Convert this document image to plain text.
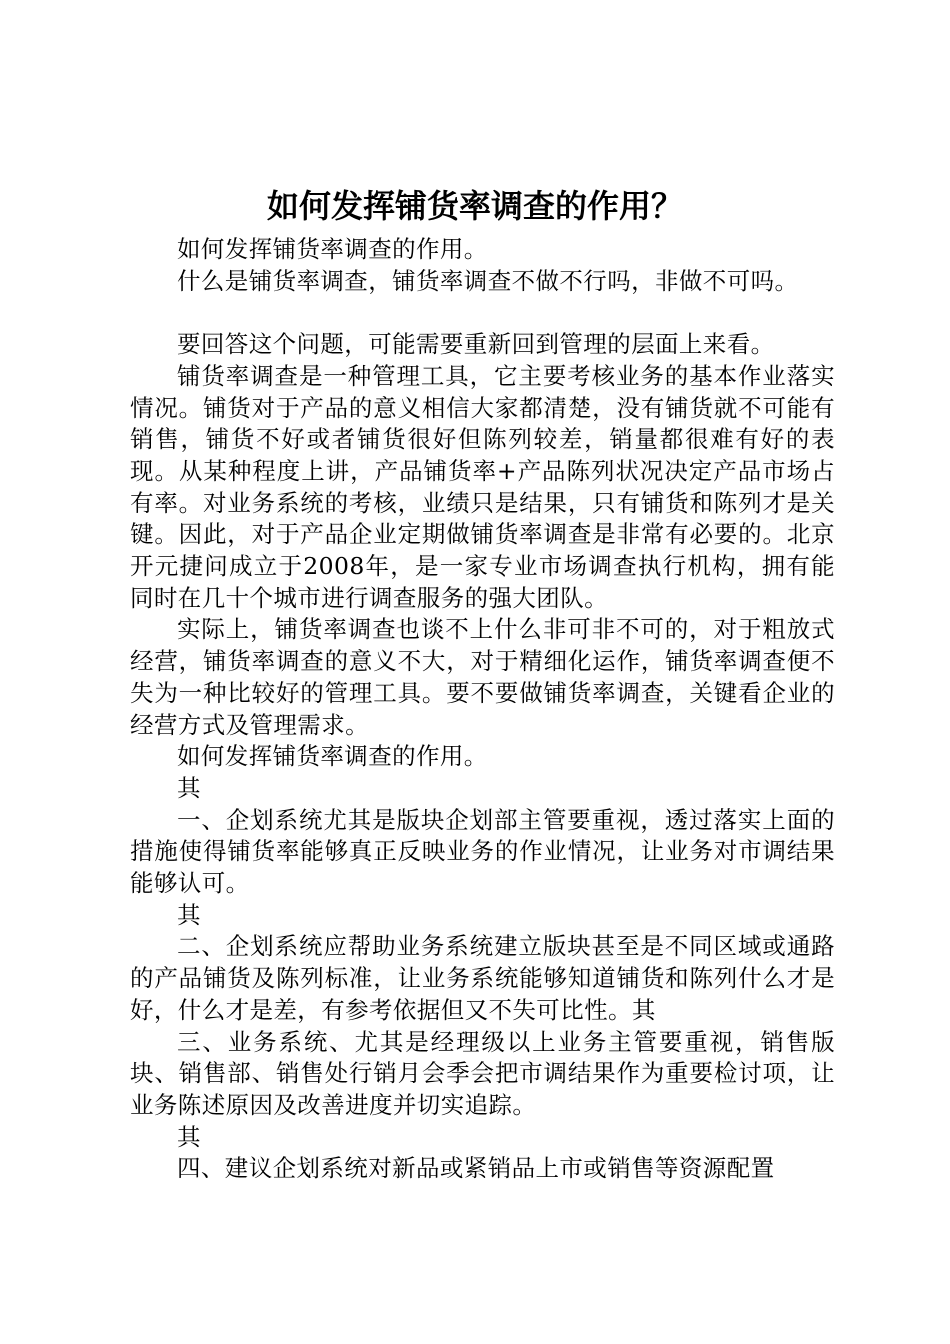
如何发挥铺货率调查的作用？

如何发挥铺货率调查的作用。

什么是铺货率调查，铺货率调查不做不行吗，非做不可吗。

要回答这个问题，可能需要重新回到管理的层面上来看。

铺货率调查是一种管理工具，它主要考核业务的基本作业落实情况。铺货对于产品的意义相信大家都清楚，没有铺货就不可能有销售，铺货不好或者铺货很好但陈列较差，销量都很难有好的表现。从某种程度上讲，产品铺货率+产品陈列状况决定产品市场占有率。对业务系统的考核，业绩只是结果，只有铺货和陈列才是关键。因此，对于产品企业定期做铺货率调查是非常有必要的。北京开元捷问成立于2008年，是一家专业市场调查执行机构，拥有能同时在几十个城市进行调查服务的强大团队。

实际上，铺货率调查也谈不上什么非可非不可的，对于粗放式经营，铺货率调查的意义不大，对于精细化运作，铺货率调查便不失为一种比较好的管理工具。要不要做铺货率调查，关键看企业的经营方式及管理需求。

如何发挥铺货率调查的作用。

其

一、企划系统尤其是版块企划部主管要重视，透过落实上面的措施使得铺货率能够真正反映业务的作业情况，让业务对市调结果能够认可。

其

二、企划系统应帮助业务系统建立版块甚至是不同区域或通路的产品铺货及陈列标准，让业务系统能够知道铺货和陈列什么才是好，什么才是差，有参考依据但又不失可比性。其

三、业务系统、尤其是经理级以上业务主管要重视，销售版块、销售部、销售处行销月会季会把市调结果作为重要检讨项，让业务陈述原因及改善进度并切实追踪。

其

四、建议企划系统对新品或紧销品上市或销售等资源配置
